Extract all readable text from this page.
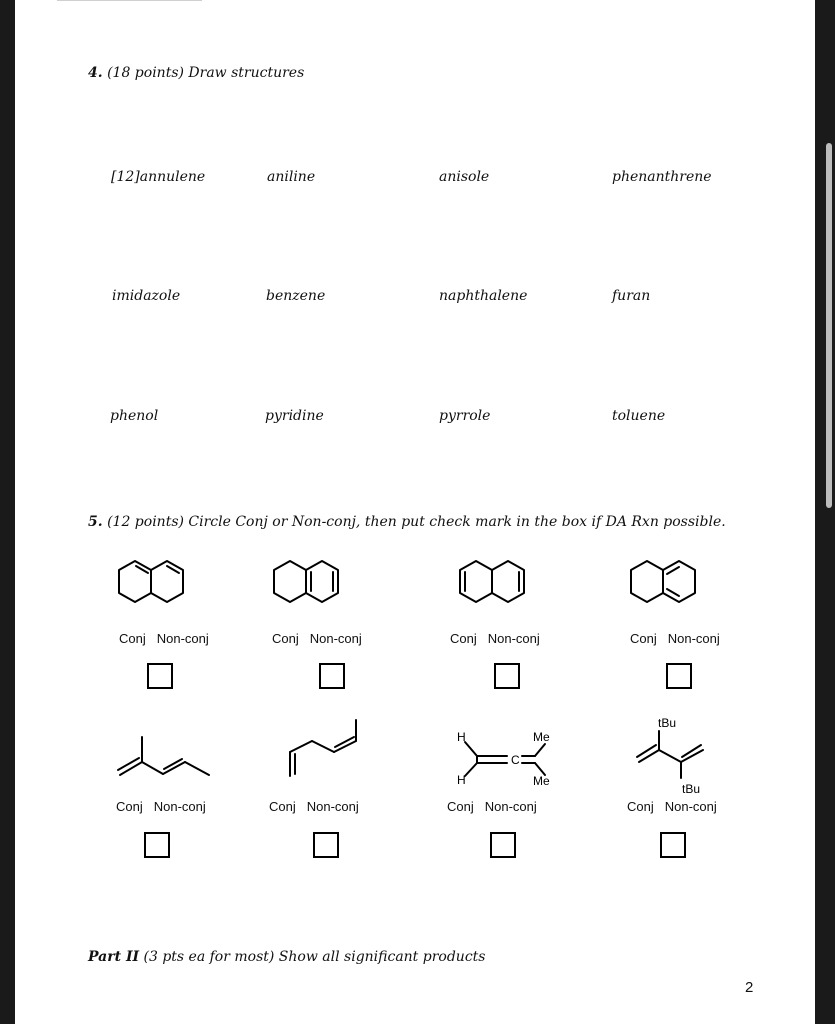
4. (18 points) Draw structures
[12]annulene	aniline	anisole	phenanthrene
imidazole	benzene	naphthalene	furan
phenol	pyridine	pyrrole	toluene
5. (12 points) Circle Conj or Non-conj, then put check mark in the box if DA Rxn possible.
Conj Non-conj	Conj Non-conj	Conj Non-conj	Conj Non-conj
H
H
Me
Me
C
tBu
tBu
Conj Non-conj	Conj Non-conj	Conj Non-conj	Conj Non-conj
Part II (3 pts ea for most) Show all significant products
2
